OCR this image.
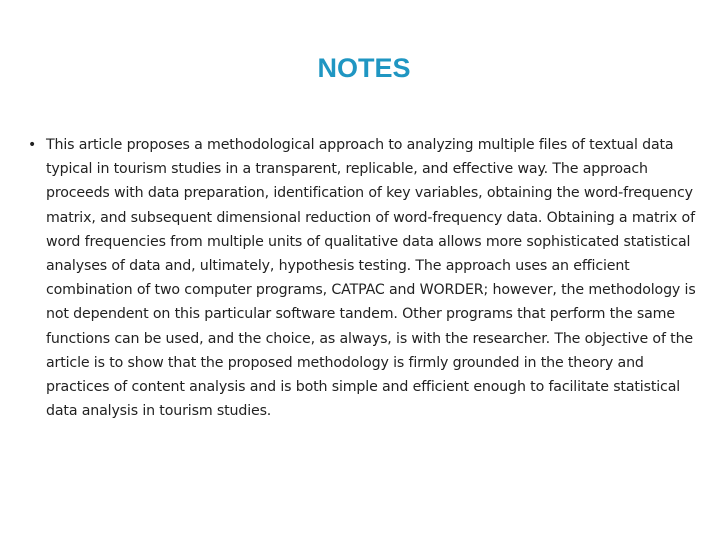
NOTES
• This article proposes a methodological approach to analyzing multiple files of textual data typical in tourism studies in a transparent, replicable, and effective way. The approach proceeds with data preparation, identification of key variables, obtaining the word-frequency matrix, and subsequent dimensional reduction of word-frequency data. Obtaining a matrix of word frequencies from multiple units of qualitative data allows more sophisticated statistical analyses of data and, ultimately, hypothesis testing. The approach uses an efficient combination of two computer programs, CATPAC and WORDER; however, the methodology is not dependent on this particular software tandem. Other programs that perform the same functions can be used, and the choice, as always, is with the researcher. The objective of the article is to show that the proposed methodology is firmly grounded in the theory and practices of content analysis and is both simple and efficient enough to facilitate statistical data analysis in tourism studies.
